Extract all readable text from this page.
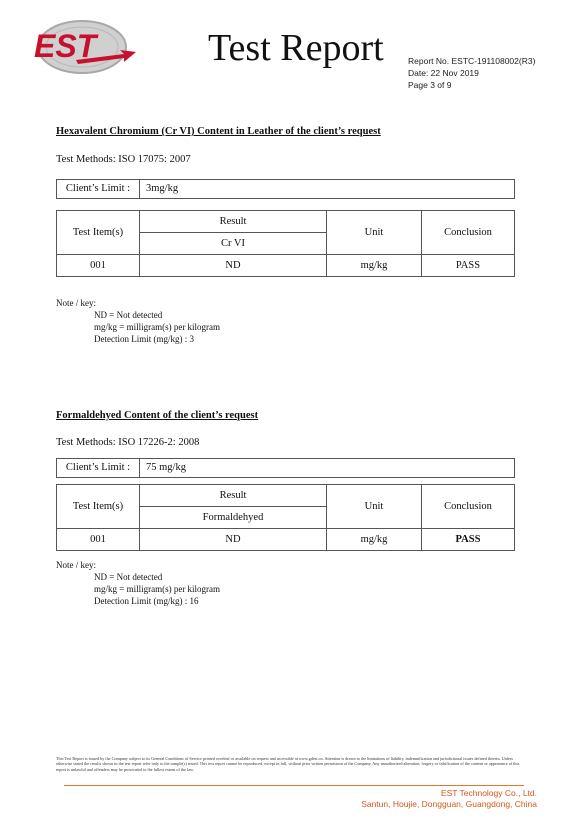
EST	Test Report	Report No. ESTC-191108002(R3)
Date: 22 Nov 2019
Page 3 of 9
Hexavalent Chromium (Cr VI) Content in Leather of the client’s request
Test Methods: ISO 17075: 2007
Client’s Limit :	3mg/kg
Test Item(s)	Result	Unit	Conclusion
	Cr VI		
001	ND	mg/kg	PASS
Note / key:
ND = Not detected
mg/kg = milligram(s) per kilogram
Detection Limit (mg/kg) : 3
Formaldehyed Content of the client’s request
Test Methods: ISO 17226-2: 2008
Client’s Limit :	75 mg/kg
Test Item(s)	Result	Unit	Conclusion
	Formaldehyed		
001	ND	mg/kg	PASS
Note / key:
ND = Not detected
mg/kg = milligram(s) per kilogram
Detection Limit (mg/kg) : 16
This Test Report is issued by the Company subject to its General Conditions of Service printed overleaf or available on request and accessible at www.gdest.cn. Attention is drawn to the limitations of liability, indemnification and jurisdictional issues defined therein. Unless otherwise stated the results shown in the test report refer only to the sample(s) tested. This test report cannot be reproduced, except in full, without prior written permission of the Company. Any unauthorized alteration, forgery or falsification of the content or appearance of this report is unlawful and offenders may be prosecuted to the fullest extent of the law.
EST Technology Co., Ltd.
Santun, Houjie, Dongguan, Guangdong, China
